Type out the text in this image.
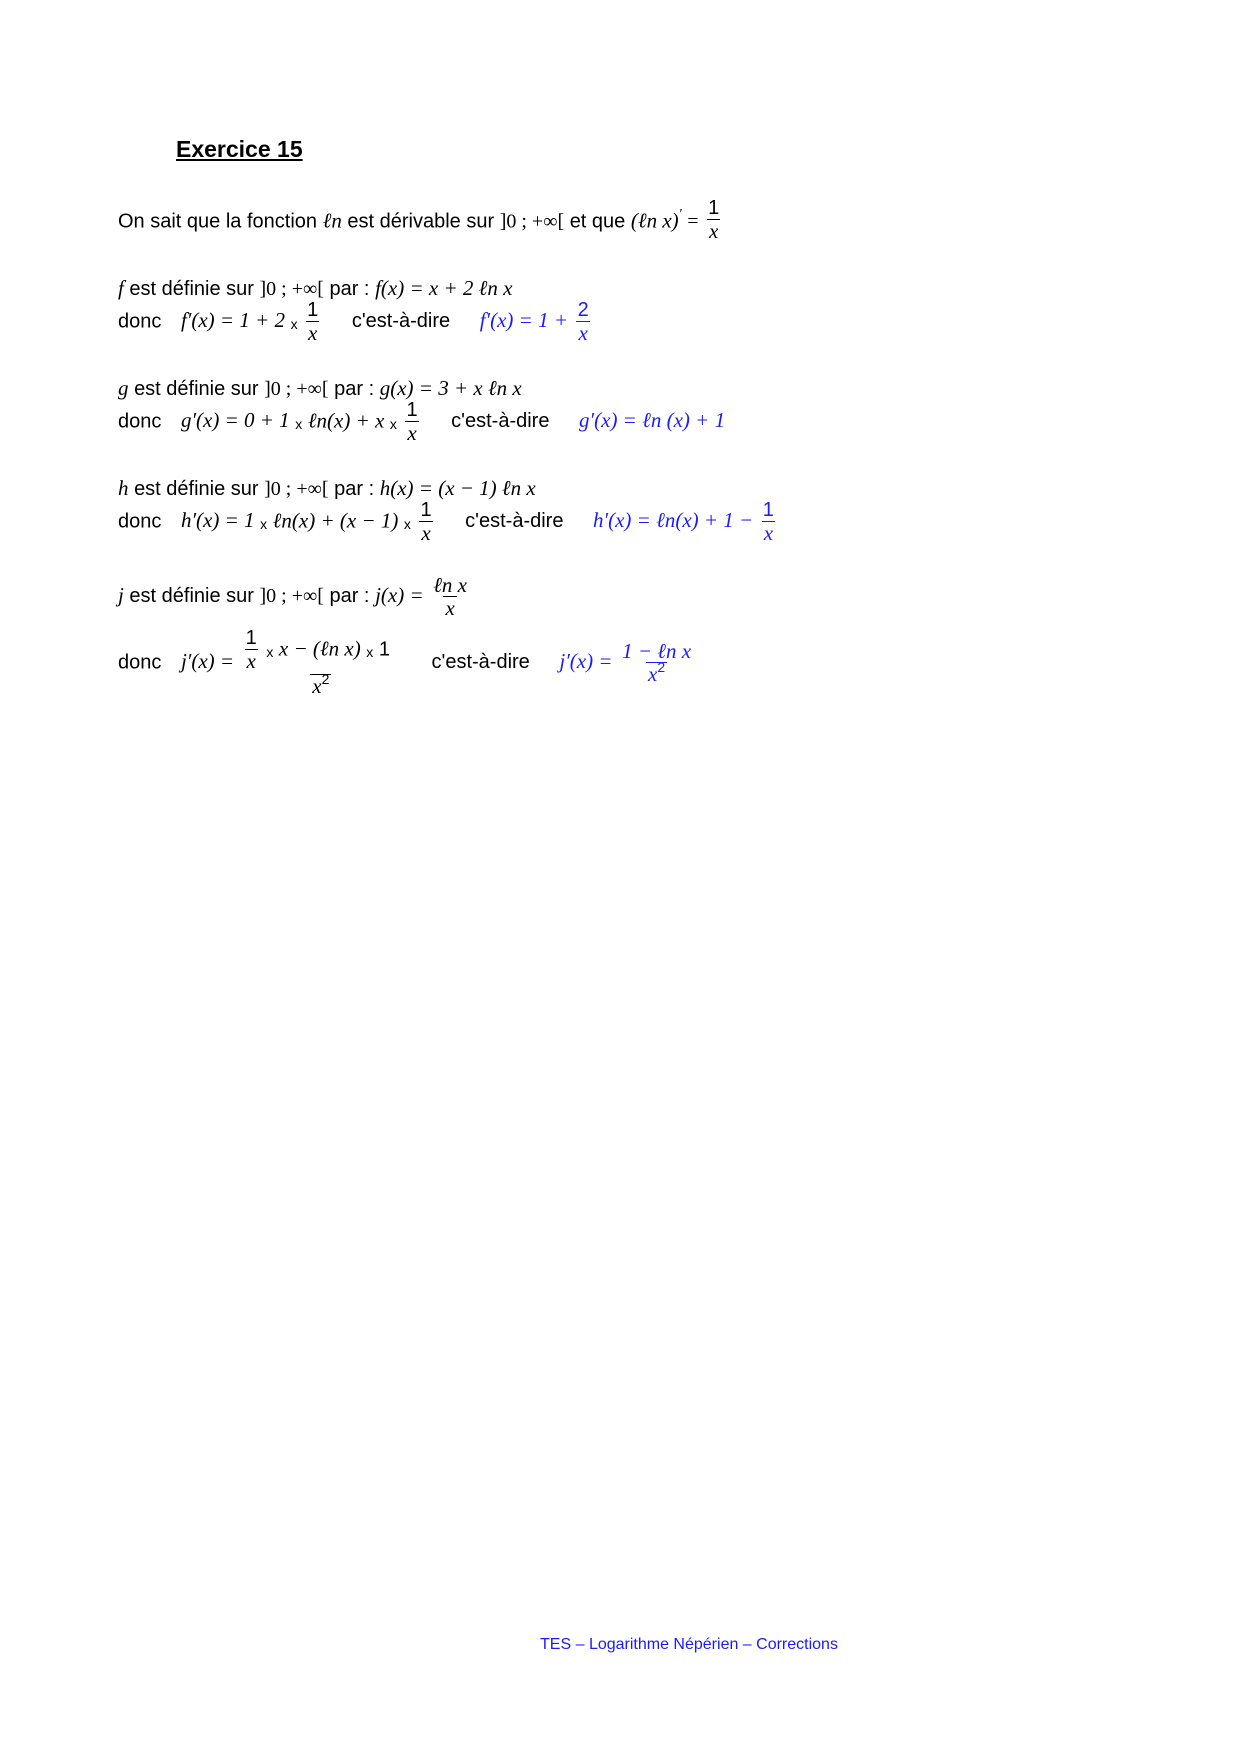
Exercice 15
On sait que la fonction ℓn est dérivable sur ]0 ; +∞[ et que (ℓn $x)' = \frac{1}{x}$
f est définie sur ]0 ; +∞[ par : f(x) = x + 2 ℓn x
donc f′(x) = 1 + 2 x $\frac{1}{x}$ c'est-à-dire $f'(x) = 1 + \frac{2}{x}$
g est définie sur ]0 ; +∞[ par : g(x) = 3 + x ℓn x
donc g′(x) = 0 + 1 x ℓn(x) + x x $\frac{1}{x}$ c'est-à-dire g′(x) = ℓn (x) + 1
h est définie sur ]0 ; +∞[ par : h(x) = (x − 1) ℓn x
donc h′(x) = 1 x ℓn(x) + (x − 1) x $\frac{1}{x}$ c'est-à-dire h′(x) = ℓn(x) + $1 - \frac{1}{x}$
j est définie sur ]0 ; +∞[ par : $j(x) = \frac{\text{ℓn x}}{x}$
donc $j'(x) = \frac{\frac{1}{x} x x - (\ell n x) x 1}{x^2}$ c'est-à-dire $j'(x) = \frac{\text{1 − ℓn x}}{x^2}$
TES – Logarithme Népérien – Corrections
